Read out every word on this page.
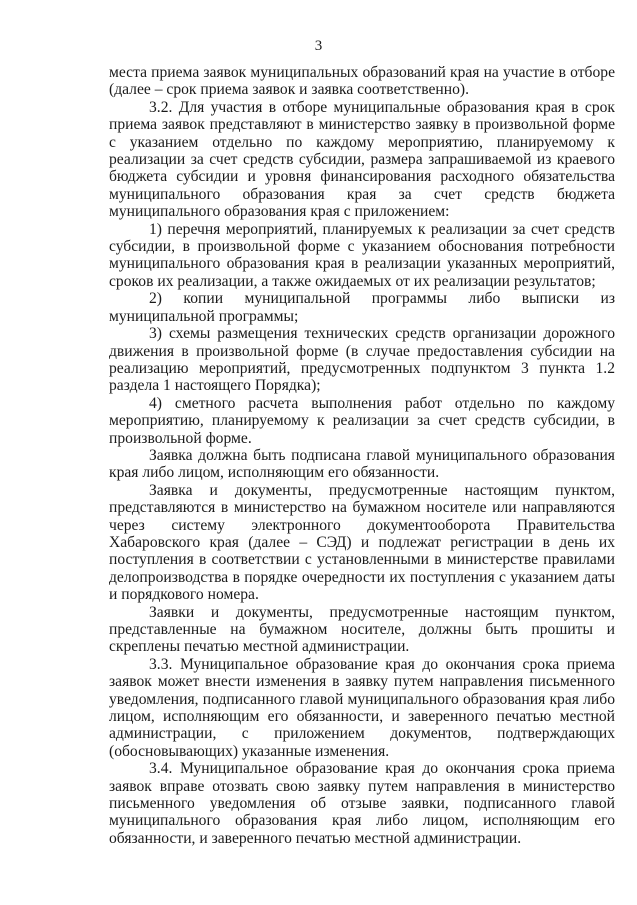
3

места приема заявок муниципальных образований края на участие в отборе (далее – срок приема заявок и заявка соответственно).

3.2. Для участия в отборе муниципальные образования края в срок приема заявок представляют в министерство заявку в произвольной форме с указанием отдельно по каждому мероприятию, планируемому к реализации за счет средств субсидии, размера запрашиваемой из краевого бюджета субсидии и уровня финансирования расходного обязательства муниципального образования края за счет средств бюджета муниципального образования края с приложением:

1) перечня мероприятий, планируемых к реализации за счет средств субсидии, в произвольной форме с указанием обоснования потребности муниципального образования края в реализации указанных мероприятий, сроков их реализации, а также ожидаемых от их реализации результатов;

2) копии муниципальной программы либо выписки из муниципальной программы;

3) схемы размещения технических средств организации дорожного движения в произвольной форме (в случае предоставления субсидии на реализацию мероприятий, предусмотренных подпунктом 3 пункта 1.2 раздела 1 настоящего Порядка);

4) сметного расчета выполнения работ отдельно по каждому мероприятию, планируемому к реализации за счет средств субсидии, в произвольной форме.

Заявка должна быть подписана главой муниципального образования края либо лицом, исполняющим его обязанности.

Заявка и документы, предусмотренные настоящим пунктом, представляются в министерство на бумажном носителе или направляются через систему электронного документооборота Правительства Хабаровского края (далее – СЭД) и подлежат регистрации в день их поступления в соответствии с установленными в министерстве правилами делопроизводства в порядке очередности их поступления с указанием даты и порядкового номера.

Заявки и документы, предусмотренные настоящим пунктом, представленные на бумажном носителе, должны быть прошиты и скреплены печатью местной администрации.

3.3. Муниципальное образование края до окончания срока приема заявок может внести изменения в заявку путем направления письменного уведомления, подписанного главой муниципального образования края либо лицом, исполняющим его обязанности, и заверенного печатью местной администрации, с приложением документов, подтверждающих (обосновывающих) указанные изменения.

3.4. Муниципальное образование края до окончания срока приема заявок вправе отозвать свою заявку путем направления в министерство письменного уведомления об отзыве заявки, подписанного главой муниципального образования края либо лицом, исполняющим его обязанности, и заверенного печатью местной администрации.
